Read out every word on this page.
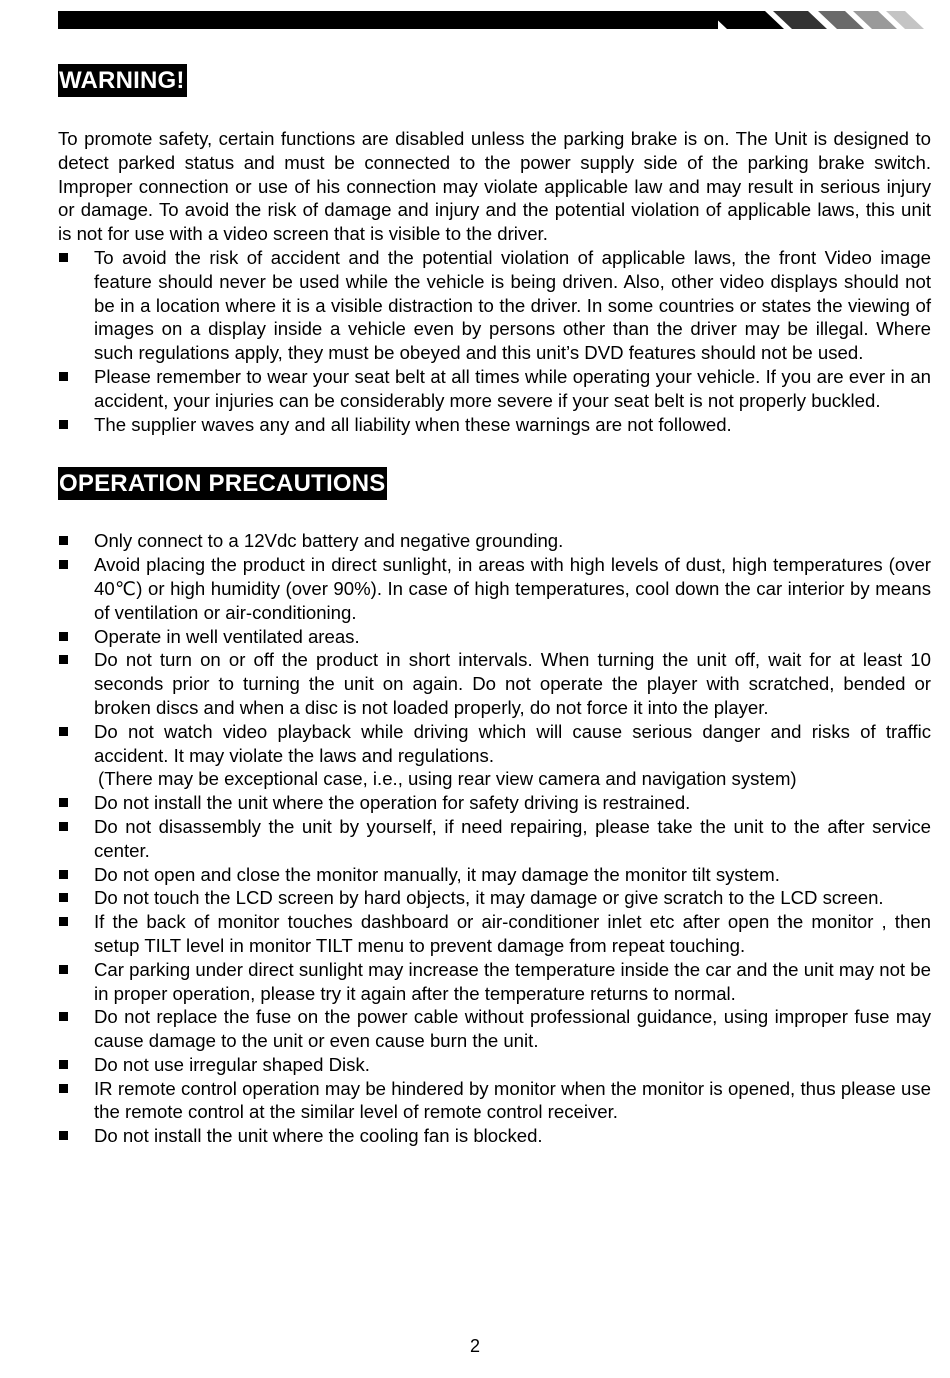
WARNING!

To promote safety, certain functions are disabled unless the parking brake is on. The Unit is designed to detect parked status and must be connected to the power supply side of the parking brake switch. Improper connection or use of his connection may violate applicable law and may result in serious injury or damage. To avoid the risk of damage and injury and the potential violation of applicable laws, this unit is not for use with a video screen that is visible to the driver.

To avoid the risk of accident and the potential violation of applicable laws, the front Video image feature should never be used while the vehicle is being driven. Also, other video displays should not be in a location where it is a visible distraction to the driver. In some countries or states the viewing of images on a display inside a vehicle even by persons other than the driver may be illegal. Where such regulations apply, they must be obeyed and this unit’s DVD features should not be used.
Please remember to wear your seat belt at all times while operating your vehicle. If you are ever in an accident, your injuries can be considerably more severe if your seat belt is not properly buckled.
The supplier waves any and all liability when these warnings are not followed.
OPERATION PRECAUTIONS
Only connect to a 12Vdc battery and negative grounding.
Avoid placing the product in direct sunlight, in areas with high levels of dust, high temperatures (over 40℃) or high humidity (over 90%). In case of high temperatures, cool down the car interior by means of ventilation or air-conditioning.
Operate in well ventilated areas.
Do not turn on or off the product in short intervals. When turning the unit off, wait for at least 10 seconds prior to turning the unit on again. Do not operate the player with scratched, bended or broken discs and when a disc is not loaded properly, do not force it into the player.
Do not watch video playback while driving which will cause serious danger and risks of traffic accident. It may violate the laws and regulations.
(There may be exceptional case, i.e., using rear view camera and navigation system)
Do not install the unit where the operation for safety driving is restrained.
Do not disassembly the unit by yourself, if need repairing, please take the unit to the after service center.
Do not open and close the monitor manually, it may damage the monitor tilt system.
Do not touch the LCD screen by hard objects, it may damage or give scratch to the LCD screen.
If the back of monitor touches dashboard or air-conditioner inlet etc after open the monitor , then setup TILT level in monitor TILT menu to prevent damage from repeat touching.
Car parking under direct sunlight may increase the temperature inside the car and the unit may not be in proper operation, please try it again after the temperature returns to normal.
Do not replace the fuse on the power cable without professional guidance, using improper fuse may cause damage to the unit or even cause burn the unit.
Do not use irregular shaped Disk.
IR remote control operation may be hindered by monitor when the monitor is opened, thus please use the remote control at the similar level of remote control receiver.
Do not install the unit where the cooling fan is blocked.
2
